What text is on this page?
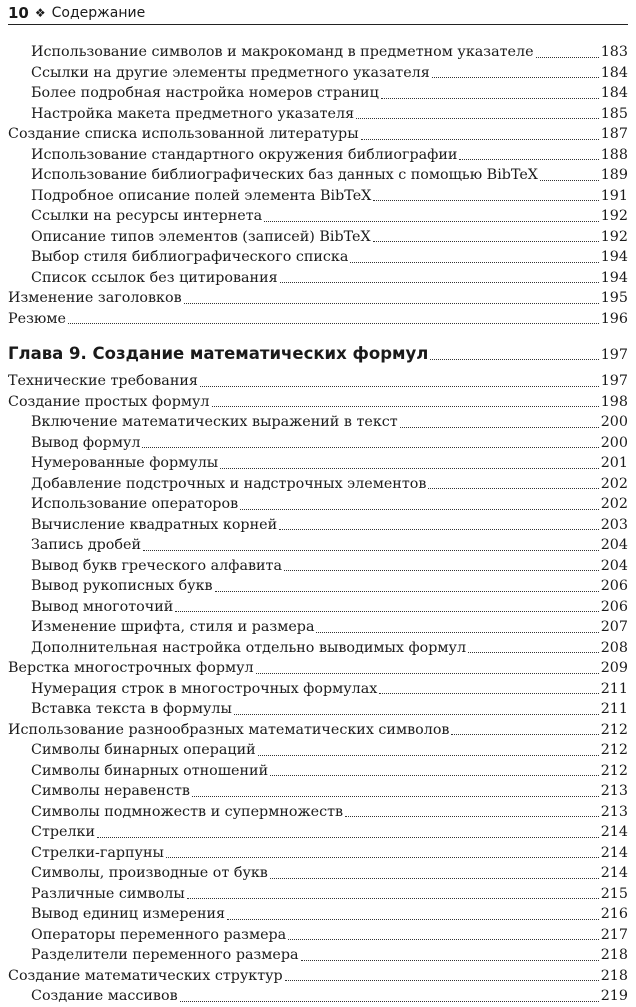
10 ❖ Содержание
Использование символов и макрокоманд в предметном указателе	183
Ссылки на другие элементы предметного указателя	184
Более подробная настройка номеров страниц	184
Настройка макета предметного указателя	185
Создание списка использованной литературы	187
Использование стандартного окружения библиографии	188
Использование библиографических баз данных с помощью BibTeX	189
Подробное описание полей элемента BibTeX	191
Ссылки на ресурсы интернета	192
Описание типов элементов (записей) BibTeX	192
Выбор стиля библиографического списка	194
Список ссылок без цитирования	194
Изменение заголовков	195
Резюме	196
Глава 9. Создание математических формул	197
Технические требования	197
Создание простых формул	198
Включение математических выражений в текст	200
Вывод формул	200
Нумерованные формулы	201
Добавление подстрочных и надстрочных элементов	202
Использование операторов	202
Вычисление квадратных корней	203
Запись дробей	204
Вывод букв греческого алфавита	204
Вывод рукописных букв	206
Вывод многоточий	206
Изменение шрифта, стиля и размера	207
Дополнительная настройка отдельно выводимых формул	208
Верстка многострочных формул	209
Нумерация строк в многострочных формулах	211
Вставка текста в формулы	211
Использование разнообразных математических символов	212
Символы бинарных операций	212
Символы бинарных отношений	212
Символы неравенств	213
Символы подмножеств и супермножеств	213
Стрелки	214
Стрелки-гарпуны	214
Символы, производные от букв	214
Различные символы	215
Вывод единиц измерения	216
Операторы переменного размера	217
Разделители переменного размера	218
Создание математических структур	218
Создание массивов	219
